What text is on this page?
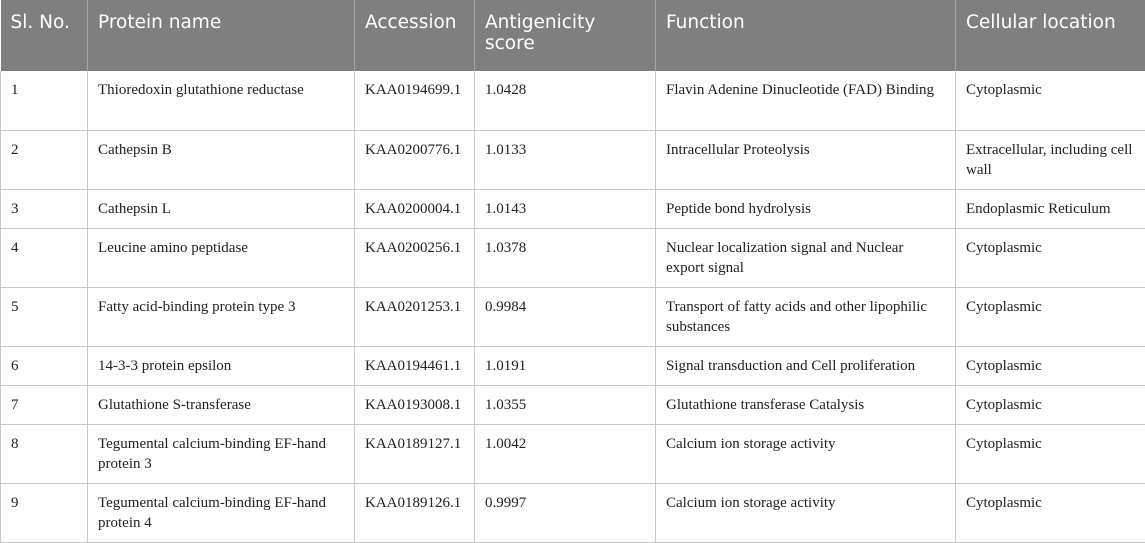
Sl. No.	Protein name	Accession	Antigenicity score	Function	Cellular location
1	Thioredoxin glutathione reductase	KAA0194699.1	1.0428	Flavin Adenine Dinucleotide (FAD) Binding	Cytoplasmic
2	Cathepsin B	KAA0200776.1	1.0133	Intracellular Proteolysis	Extracellular, including cell wall
3	Cathepsin L	KAA0200004.1	1.0143	Peptide bond hydrolysis	Endoplasmic Reticulum
4	Leucine amino peptidase	KAA0200256.1	1.0378	Nuclear localization signal and Nuclear export signal	Cytoplasmic
5	Fatty acid-binding protein type 3	KAA0201253.1	0.9984	Transport of fatty acids and other lipophilic substances	Cytoplasmic
6	14-3-3 protein epsilon	KAA0194461.1	1.0191	Signal transduction and Cell proliferation	Cytoplasmic
7	Glutathione S-transferase	KAA0193008.1	1.0355	Glutathione transferase Catalysis	Cytoplasmic
8	Tegumental calcium-binding EF-hand protein 3	KAA0189127.1	1.0042	Calcium ion storage activity	Cytoplasmic
9	Tegumental calcium-binding EF-hand protein 4	KAA0189126.1	0.9997	Calcium ion storage activity	Cytoplasmic
